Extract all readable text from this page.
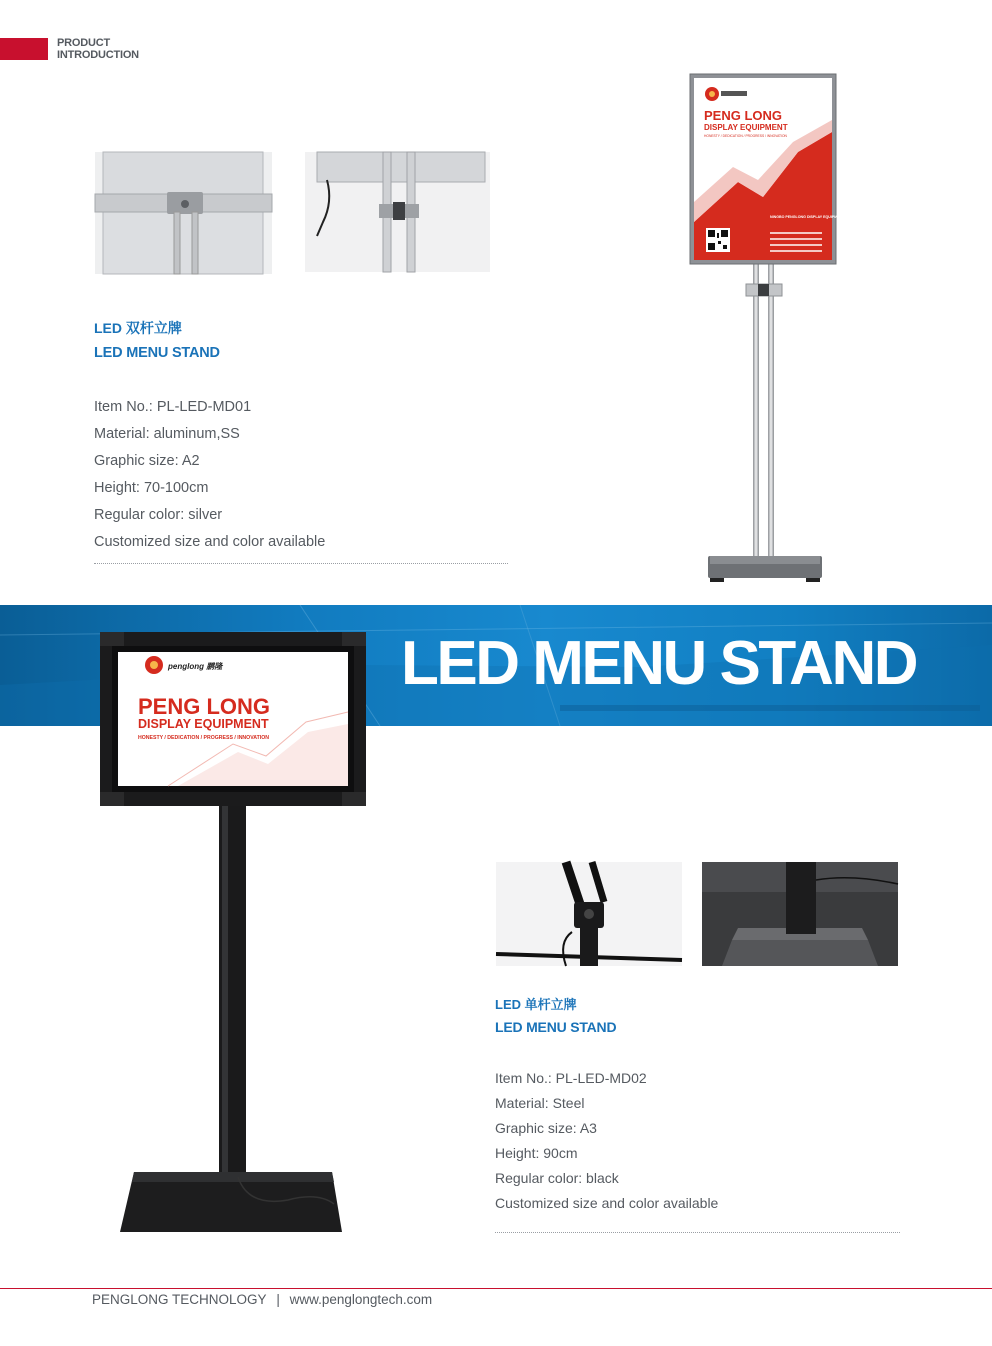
PRODUCT
INTRODUCTION
LED 双杆立牌
LED MENU STAND
Item No.: PL-LED-MD01
Material: aluminum,SS
Graphic size: A2
Height: 70-100cm
Regular color: silver
Customized size and color available
PENG LONG
DISPLAY EQUIPMENT
HONESTY / DEDICATION / PROGRESS / INNOVATION
NINGBO PENGLONG DISPLAY EQUIPMENT CO.,LTD
LED MENU STAND
penglong 鹏隆
PENG LONG
DISPLAY EQUIPMENT
HONESTY / DEDICATION / PROGRESS / INNOVATION
LED 单杆立牌
LED MENU STAND
Item No.: PL-LED-MD02
Material: Steel
Graphic size: A3
Height: 90cm
Regular color: black
Customized size and color available
PENGLONG TECHNOLOGY | www.penglongtech.com
